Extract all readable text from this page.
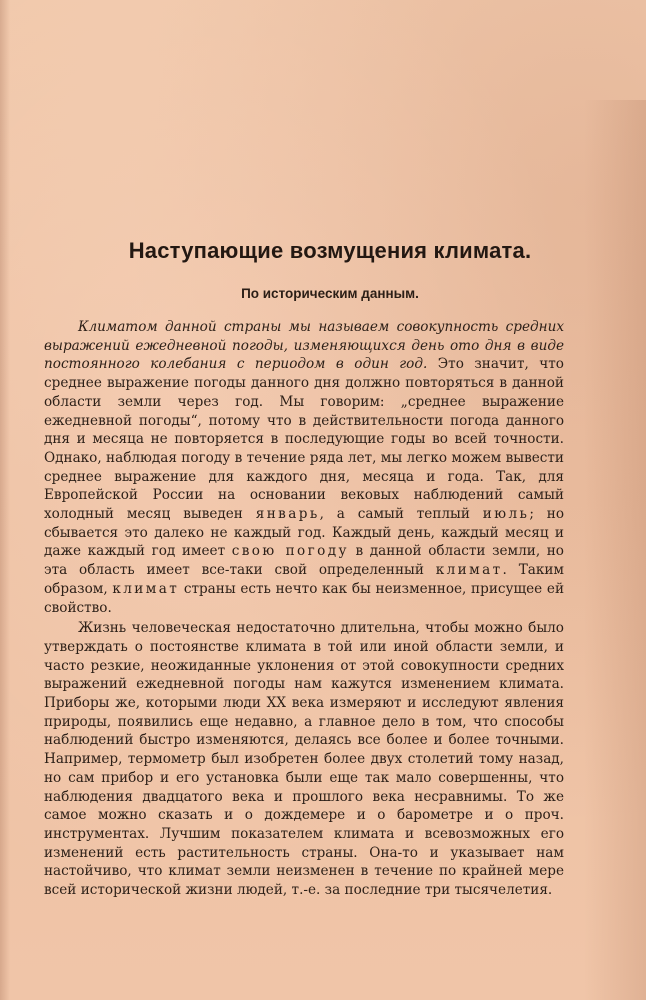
Наступающие возмущения климата.
По историческим данным.

Климатом данной страны мы называем совокупность средних выражений ежедневной погоды, изменяющихся день ото дня в виде постоянного колебания с периодом в один год. Это значит, что среднее выражение погоды данного дня должно повторяться в данной области земли через год. Мы говорим: „среднее выражение ежедневной погоды“, потому что в действительности погода данного дня и месяца не повторяется в последующие годы во всей точности. Однако, наблюдая погоду в течение ряда лет, мы легко можем вывести среднее выражение для каждого дня, месяца и года. Так, для Европейской России на основании вековых наблюдений самый холодный месяц выведен январь, а самый теплый июль; но сбывается это далеко не каждый год. Каждый день, каждый месяц и даже каждый год имеет свою погоду в данной области земли, но эта область имеет все-таки свой определенный климат. Таким образом, климат страны есть нечто как бы неизменное, присущее ей свойство.

Жизнь человеческая недостаточно длительна, чтобы можно было утверждать о постоянстве климата в той или иной области земли, и часто резкие, неожиданные уклонения от этой совокупности средних выражений ежедневной погоды нам кажутся изменением климата. Приборы же, которыми люди XX века измеряют и исследуют явления природы, появились еще недавно, а главное дело в том, что способы наблюдений быстро изменяются, делаясь все более и более точными. Например, термометр был изобретен более двух столетий тому назад, но сам прибор и его установка были еще так мало совершенны, что наблюдения двадцатого века и прошлого века несравнимы. То же самое можно сказать и о дождемере и о барометре и о проч. инструментах. Лучшим показателем климата и всевозможных его изменений есть растительность страны. Она-то и указывает нам настойчиво, что климат земли неизменен в течение по крайней мере всей исторической жизни людей, т.-е. за последние три тысячелетия.
